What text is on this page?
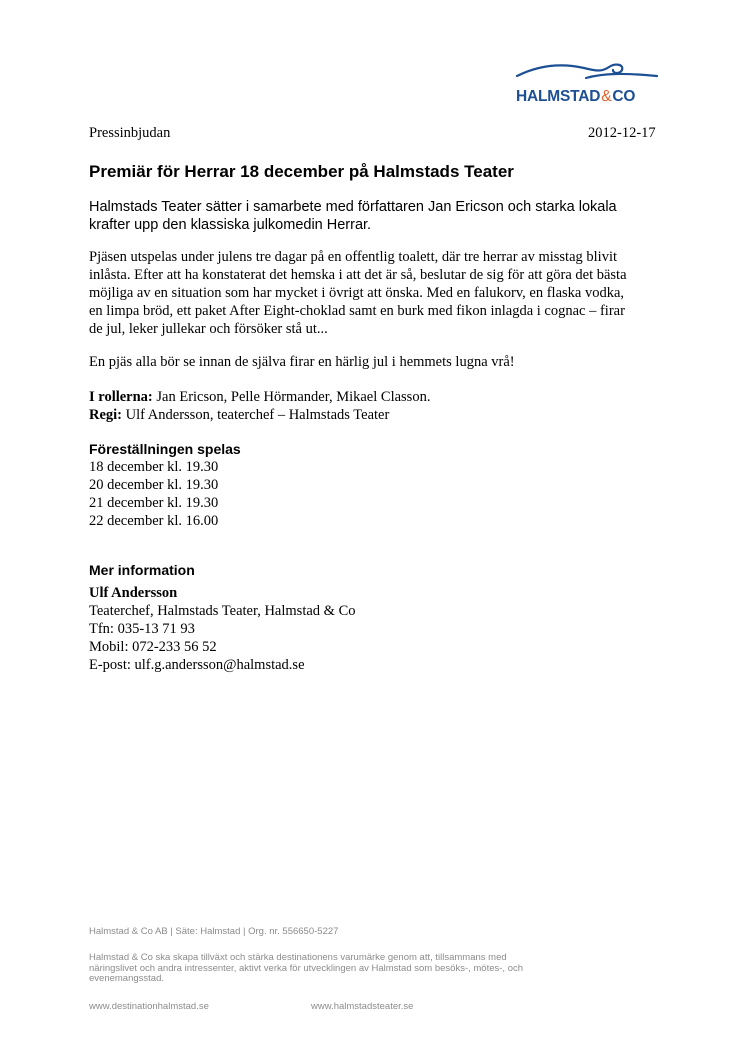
HALMSTAD&CO
Pressinbjudan	2012-12-17
Premiär för Herrar 18 december på Halmstads Teater
Halmstads Teater sätter i samarbete med författaren Jan Ericson och starka lokala
krafter upp den klassiska julkomedin Herrar.
Pjäsen utspelas under julens tre dagar på en offentlig toalett, där tre herrar av misstag blivit
inlåsta. Efter att ha konstaterat det hemska i att det är så, beslutar de sig för att göra det bästa
möjliga av en situation som har mycket i övrigt att önska. Med en falukorv, en flaska vodka,
en limpa bröd, ett paket After Eight-choklad samt en burk med fikon inlagda i cognac – firar
de jul, leker jullekar och försöker stå ut...
En pjäs alla bör se innan de själva firar en härlig jul i hemmets lugna vrå!
I rollerna: Jan Ericson, Pelle Hörmander, Mikael Classon.
Regi: Ulf Andersson, teaterchef – Halmstads Teater
Föreställningen spelas
18 december kl. 19.30
20 december kl. 19.30
21 december kl. 19.30
22 december kl. 16.00
Mer information
Ulf Andersson
Teaterchef, Halmstads Teater, Halmstad & Co
Tfn: 035-13 71 93
Mobil: 072-233 56 52
E-post: ulf.g.andersson@halmstad.se
Halmstad & Co AB | Säte: Halmstad | Org. nr. 556650-5227
Halmstad & Co ska skapa tillväxt och stärka destinationens varumärke genom att, tillsammans med
näringslivet och andra intressenter, aktivt verka för utvecklingen av Halmstad som besöks-, mötes-, och
evenemangsstad.
www.destinationhalmstad.se	www.halmstadsteater.se
